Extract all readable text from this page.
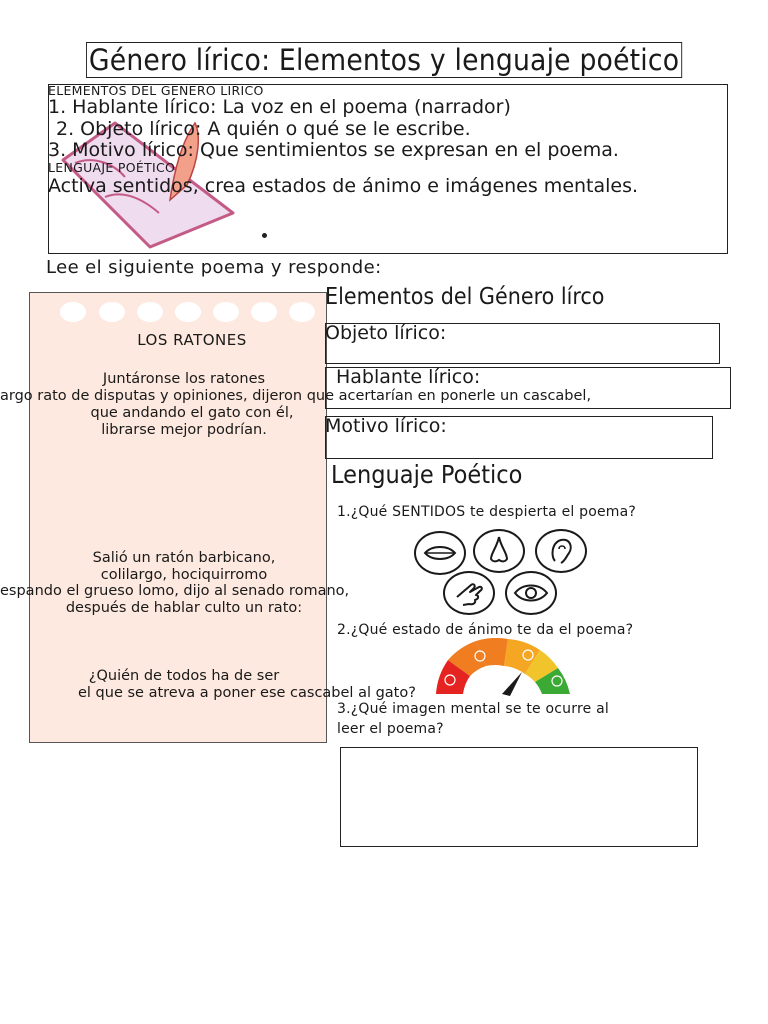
Género lírico: Elementos y lenguaje poético
ELEMENTOS DEL GENERO LIRICO
1. Hablante lírico: La voz en el poema (narrador)
2. Objeto lírico: A quién o qué se le escribe.
3. Motivo lírico: Que sentimientos se expresan en el poema.
LENGUAJE POÉTICO
Activa sentidos, crea estados de ánimo e imágenes mentales.
Lee el siguiente poema y responde:
LOS RATONES
Juntáronse los ratones
argo rato de disputas y opiniones, dijeron que acertarían en ponerle un cascabel,
que andando el gato con él,
librarse mejor podrían.
Salió un ratón barbicano,
colilargo, hociquirromo
espando el grueso lomo, dijo al senado romano,
después de hablar culto un rato:
¿Quién de todos ha de ser
el que se atreva a poner ese cascabel al gato?
Elementos del Género lírco
Objeto lírico:
Hablante lírico:
Motivo lírico:
Lenguaje Poético
1.¿Qué SENTIDOS te despierta el poema?
2.¿Qué estado de ánimo te da el poema?
3.¿Qué imagen mental se te ocurre al
leer el poema?
